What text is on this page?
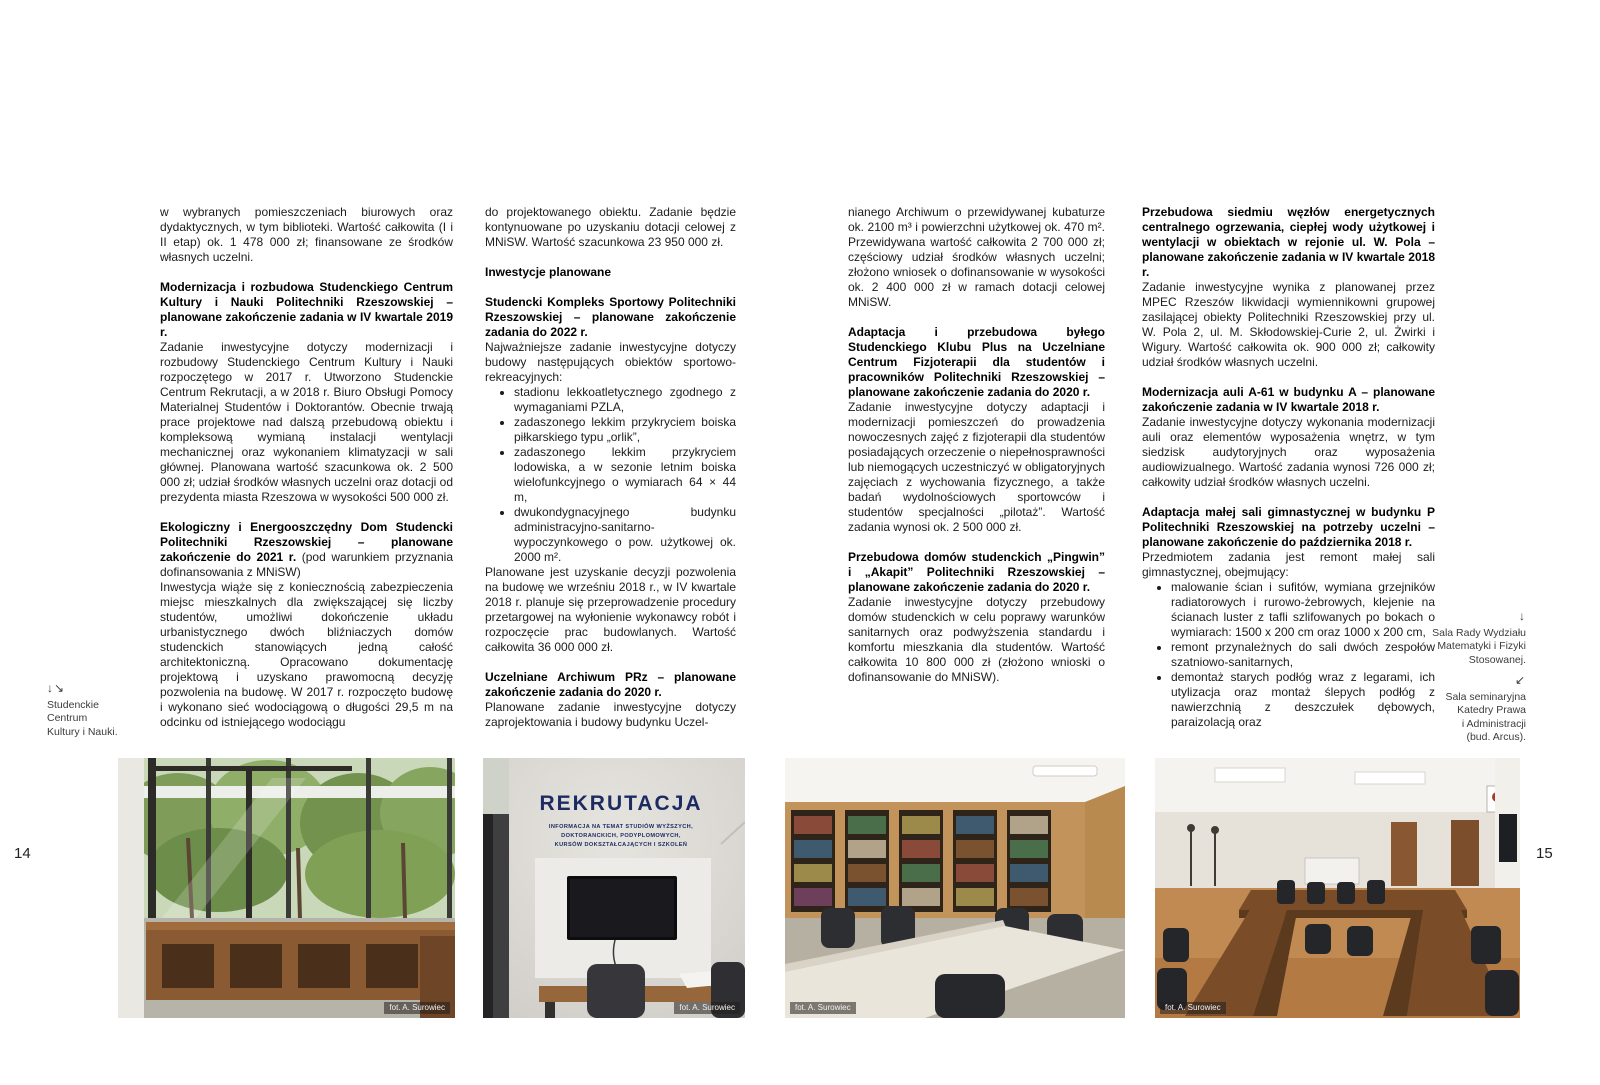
w wybranych pomieszczeniach biurowych oraz dydaktycznych, w tym biblioteki. Wartość całkowita (I i II etap) ok. 1 478 000 zł; finansowane ze środków własnych uczelni.

Modernizacja i rozbudowa Studenckiego Centrum Kultury i Nauki Politechniki Rzeszowskiej – planowane zakończenie zadania w IV kwartale 2019 r.

Zadanie inwestycyjne dotyczy modernizacji i rozbudowy Studenckiego Centrum Kultury i Nauki rozpoczętego w 2017 r. Utworzono Studenckie Centrum Rekrutacji, a w 2018 r. Biuro Obsługi Pomocy Materialnej Studentów i Doktorantów. Obecnie trwają prace projektowe nad dalszą przebudową obiektu i kompleksową wymianą instalacji wentylacji mechanicznej oraz wykonaniem klimatyzacji w sali głównej. Planowana wartość szacunkowa ok. 2 500 000 zł; udział środków własnych uczelni oraz dotacji od prezydenta miasta Rzeszowa w wysokości 500 000 zł.

Ekologiczny i Energooszczędny Dom Studencki Politechniki Rzeszowskiej – planowane zakończenie do 2021 r. (pod warunkiem przyznania dofinansowania z MNiSW)

Inwestycja wiąże się z koniecznością zabezpieczenia miejsc mieszkalnych dla zwiększającej się liczby studentów, umożliwi dokończenie układu urbanistycznego dwóch bliźniaczych domów studenckich stanowiących jedną całość architektoniczną. Opracowano dokumentację projektową i uzyskano prawomocną decyzję pozwolenia na budowę. W 2017 r. rozpoczęto budowę i wykonano sieć wodociągową o długości 29,5 m na odcinku od istniejącego wodociągu

do projektowanego obiektu. Zadanie będzie kontynuowane po uzyskaniu dotacji celowej z MNiSW. Wartość szacunkowa 23 950 000 zł.

Inwestycje planowane

Studencki Kompleks Sportowy Politechniki Rzeszowskiej – planowane zakończenie zadania do 2022 r.

Najważniejsze zadanie inwestycyjne dotyczy budowy następujących obiektów sportowo-rekreacyjnych:

• stadionu lekkoatletycznego zgodnego z wymaganiami PZLA,
• zadaszonego lekkim przykryciem boiska piłkarskiego typu „orlik”,
• zadaszonego lekkim przykryciem lodowiska, a w sezonie letnim boiska wielofunkcyjnego o wymiarach 64 × 44 m,
• dwukondygnacyjnego budynku administracyjno-sanitarno-wypoczynkowego o pow. użytkowej ok. 2000 m².

Planowane jest uzyskanie decyzji pozwolenia na budowę we wrześniu 2018 r., w IV kwartale 2018 r. planuje się przeprowadzenie procedury przetargowej na wyłonienie wykonawcy robót i rozpoczęcie prac budowlanych. Wartość całkowita 36 000 000 zł.

Uczelniane Archiwum PRz – planowane zakończenie zadania do 2020 r.

Planowane zadanie inwestycyjne dotyczy zaprojektowania i budowy budynku Uczel-

nianego Archiwum o przewidywanej kubaturze ok. 2100 m³ i powierzchni użytkowej ok. 470 m². Przewidywana wartość całkowita 2 700 000 zł; częściowy udział środków własnych uczelni; złożono wniosek o dofinansowanie w wysokości ok. 2 400 000 zł w ramach dotacji celowej MNiSW.

Adaptacja i przebudowa byłego Studenckiego Klubu Plus na Uczelniane Centrum Fizjoterapii dla studentów i pracowników Politechniki Rzeszowskiej – planowane zakończenie zadania do 2020 r.

Zadanie inwestycyjne dotyczy adaptacji i modernizacji pomieszczeń do prowadzenia nowoczesnych zajęć z fizjoterapii dla studentów posiadających orzeczenie o niepełnosprawności lub niemogących uczestniczyć w obligatoryjnych zajęciach z wychowania fizycznego, a także badań wydolnościowych sportowców i studentów specjalności „pilotaż”. Wartość zadania wynosi ok. 2 500 000 zł.

Przebudowa domów studenckich „Pingwin” i „Akapit” Politechniki Rzeszowskiej – planowane zakończenie zadania do 2020 r.

Zadanie inwestycyjne dotyczy przebudowy domów studenckich w celu poprawy warunków sanitarnych oraz podwyższenia standardu i komfortu mieszkania dla studentów. Wartość całkowita 10 800 000 zł (złożono wnioski o dofinansowanie do MNiSW).

Przebudowa siedmiu węzłów energetycznych centralnego ogrzewania, ciepłej wody użytkowej i wentylacji w obiektach w rejonie ul. W. Pola – planowane zakończenie zadania w IV kwartale 2018 r.

Zadanie inwestycyjne wynika z planowanej przez MPEC Rzeszów likwidacji wymiennikowni grupowej zasilającej obiekty Politechniki Rzeszowskiej przy ul. W. Pola 2, ul. M. Skłodowskiej-Curie 2, ul. Żwirki i Wigury. Wartość całkowita ok. 900 000 zł; całkowity udział środków własnych uczelni.

Modernizacja auli A-61 w budynku A – planowane zakończenie zadania w IV kwartale 2018 r.

Zadanie inwestycyjne dotyczy wykonania modernizacji auli oraz elementów wyposażenia wnętrz, w tym siedzisk audytoryjnych oraz wyposażenia audiowizualnego. Wartość zadania wynosi 726 000 zł; całkowity udział środków własnych uczelni.

Adaptacja małej sali gimnastycznej w budynku P Politechniki Rzeszowskiej na potrzeby uczelni – planowane zakończenie do października 2018 r.

Przedmiotem zadania jest remont małej sali gimnastycznej, obejmujący:

• malowanie ścian i sufitów, wymiana grzejników radiatorowych i rurowo-żebrowych, klejenie na ścianach luster z tafli szlifowanych po bokach o wymiarach: 1500 x 200 cm oraz 1000 x 200 cm,
• remont przynależnych do sali dwóch zespołów szatniowo-sanitarnych,
• demontaż starych podłóg wraz z legarami, ich utylizacja oraz montaż ślepych podłóg z nawierzchnią z deszczułek dębowych, paraizolacją oraz
↓↘
Studenckie
Centrum
Kultury i Nauki.
↓
Sala Rady Wydziału
Matematyki i Fizyki
Stosowanej.
↙
Sala seminaryjna
Katedry Prawa
i Administracji
(bud. Arcus).
14	15
fot. A. Surowiec
REKRUTACJA
INFORMACJA NA TEMAT STUDIÓW WYŻSZYCH,
DOKTORANCKICH, PODYPLOMOWYCH,
KURSÓW DOKSZTAŁCAJĄCYCH I SZKOLEŃ
fot. A. Surowiec	fot. A. Surowiec	fot. A. Surowiec
